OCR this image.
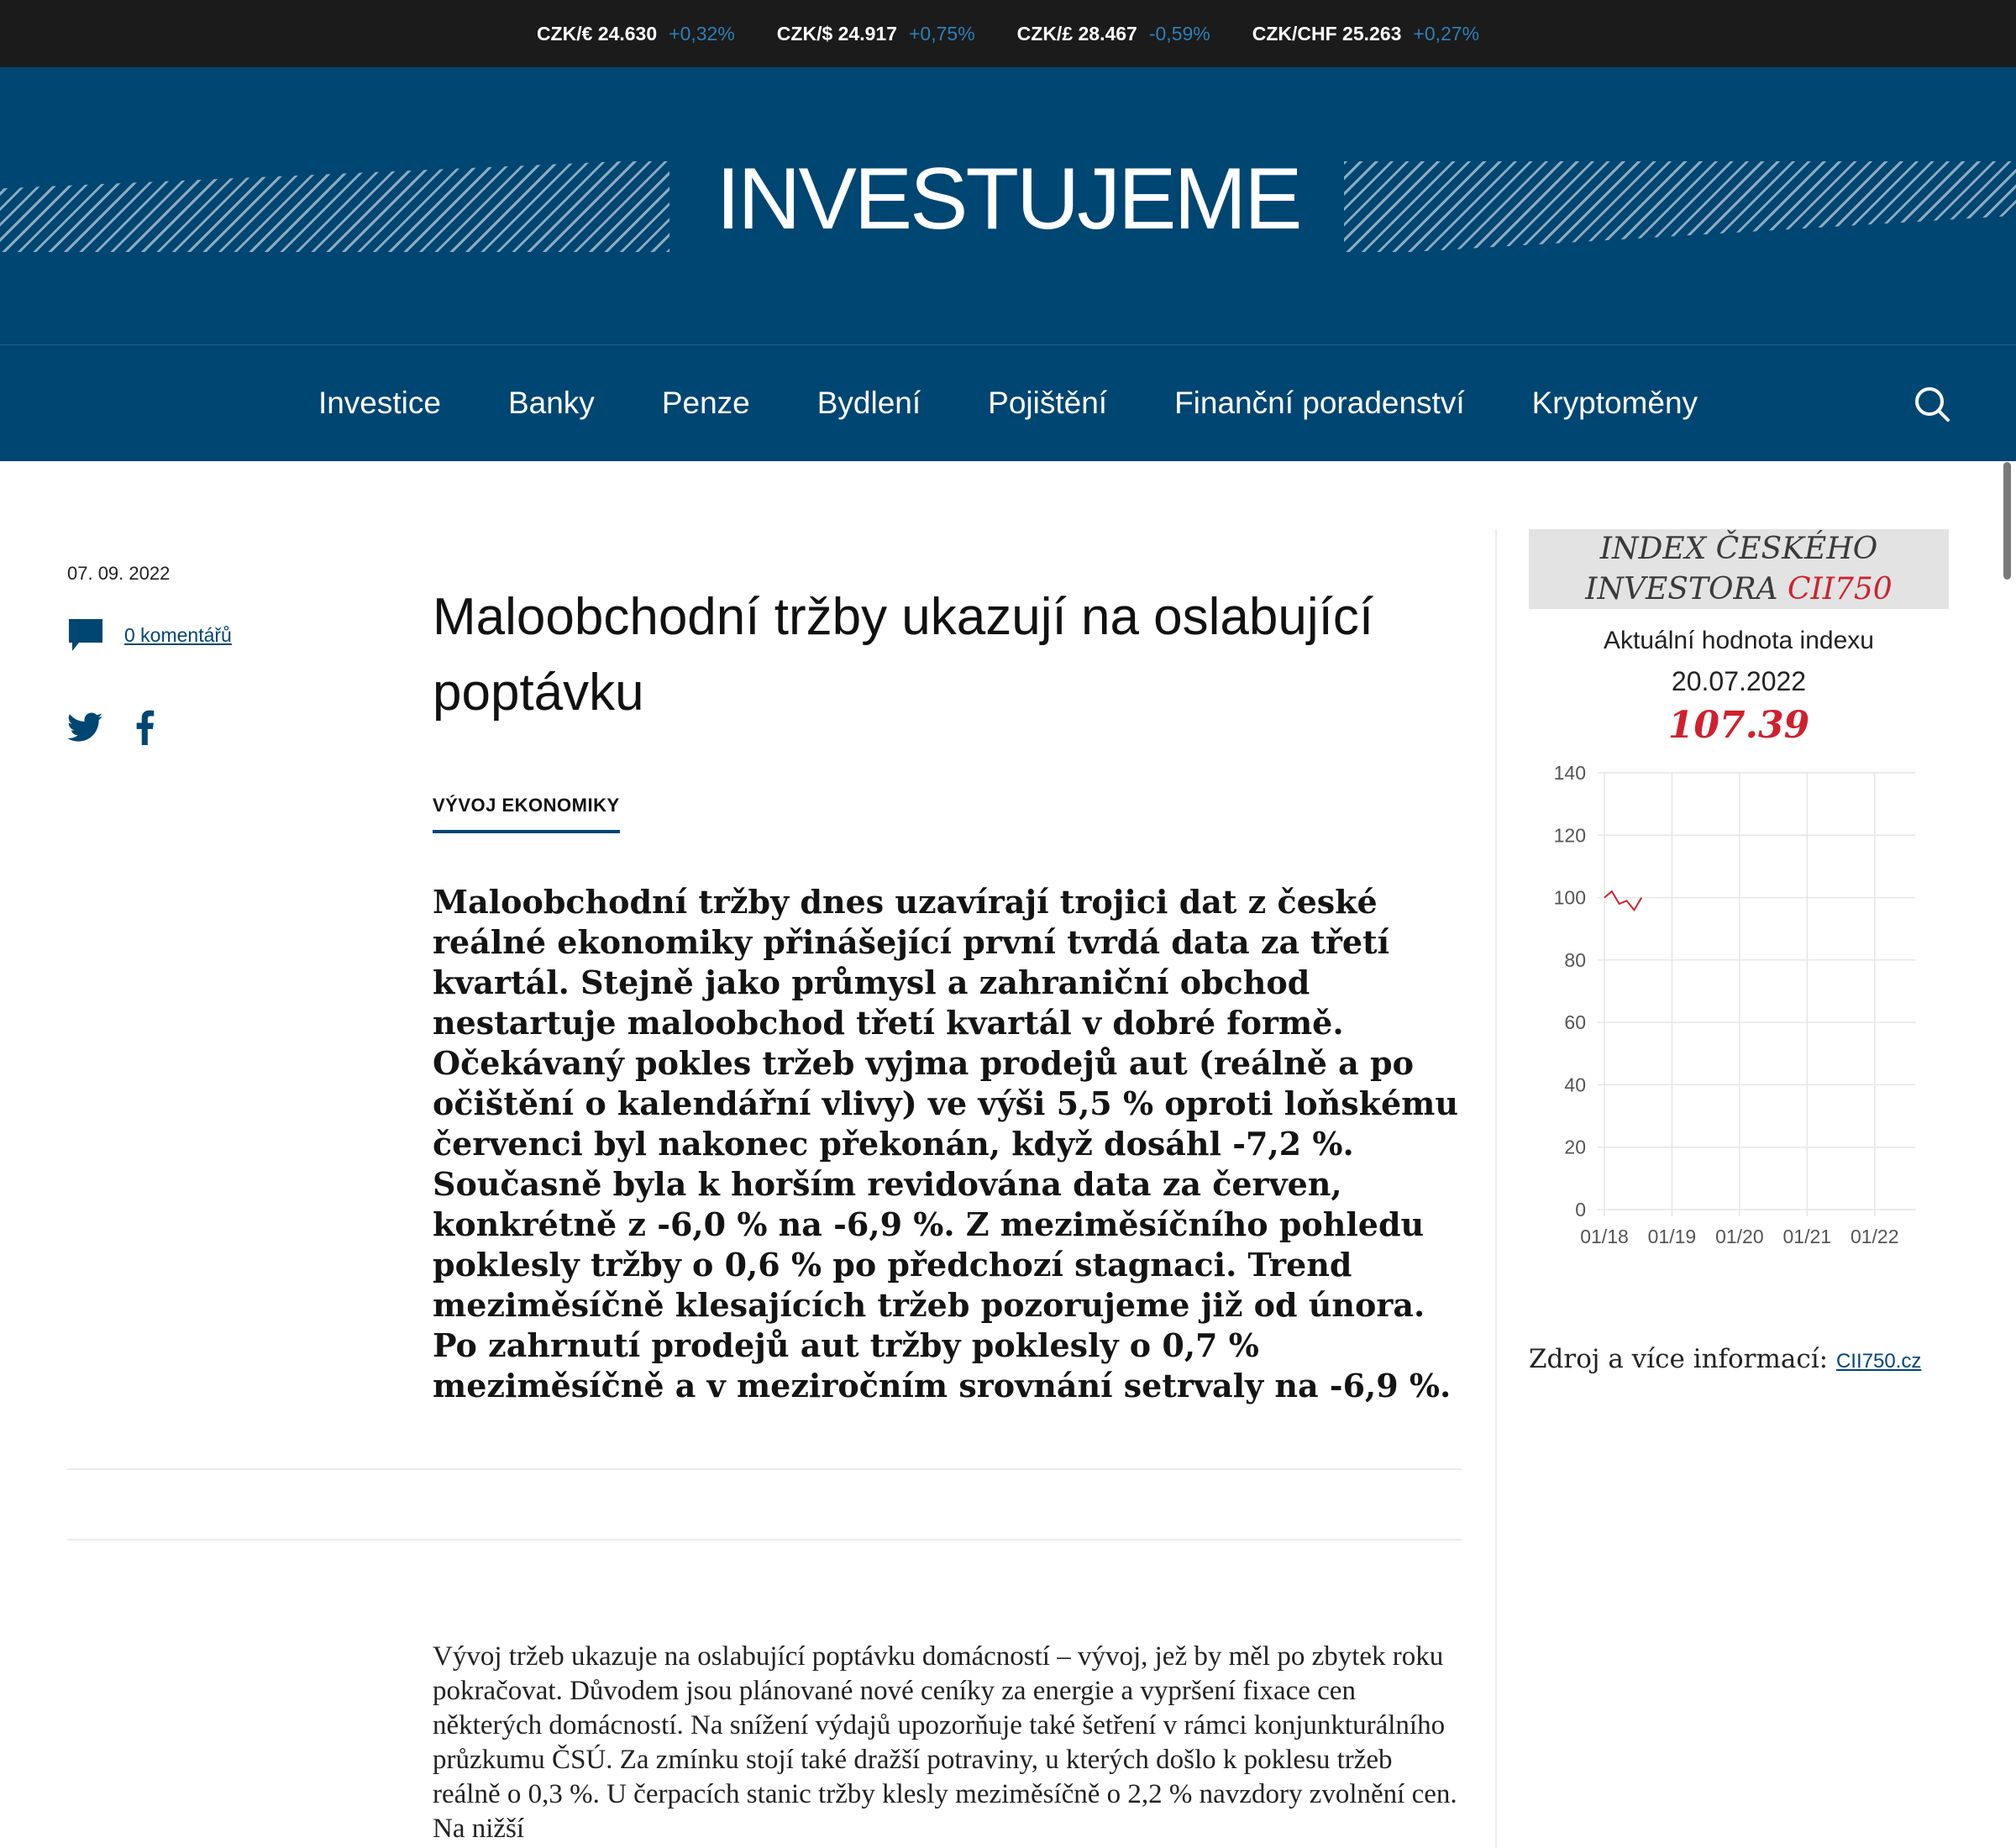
CZK/€ 24.630 +0,32% CZK/$ 24.917 +0,75% CZK/£ 28.467 -0,59% CZK/CHF 25.263 +0,27%
INVESTUJEME
Investice Banky Penze Bydlení Pojištění Finanční poradenství Kryptoměny
07. 09. 2022
0 komentářů	Maloobchodní tržby ukazují na oslabující poptávku
VÝVOJ EKONOMIKY

Maloobchodní tržby dnes uzavírají trojici dat z české reálné ekonomiky přinášející první tvrdá data za třetí kvartál. Stejně jako průmysl a zahraniční obchod nestartuje maloobchod třetí kvartál v dobré formě. Očekávaný pokles tržeb vyjma prodejů aut (reálně a po očištění o kalendářní vlivy) ve výši 5,5 % oproti loňskému červenci byl nakonec překonán, když dosáhl -7,2 %. Současně byla k horším revidována data za červen, konkrétně z -6,0 % na -6,9 %. Z meziměsíčního pohledu poklesly tržby o 0,6 % po předchozí stagnaci. Trend meziměsíčně klesajících tržeb pozorujeme již od února. Po zahrnutí prodejů aut tržby poklesly o 0,7 % meziměsíčně a v meziročním srovnání setrvaly na -6,9 %.

Vývoj tržeb ukazuje na oslabující poptávku domácností – vývoj, jež by měl po zbytek roku pokračovat. Důvodem jsou plánované nové ceníky za energie a vypršení fixace cen některých domácností. Na snížení výdajů upozorňuje také šetření v rámci konjunkturálního průzkumu ČSÚ. Za zmínku stojí také dražší potraviny, u kterých došlo k poklesu tržeb reálně o 0,3 %. U čerpacích stanic tržby klesly meziměsíčně o 2,2 % navzdory zvolnění cen. Na nižší

INDEX ČESKÉHO INVESTORA CII750
Aktuální hodnota indexu
20.07.2022
107.39
0
20
40
60
80
100
120
140
01/18 01/19 01/20 01/21 01/22
Zdroj a více informací: CII750.cz
